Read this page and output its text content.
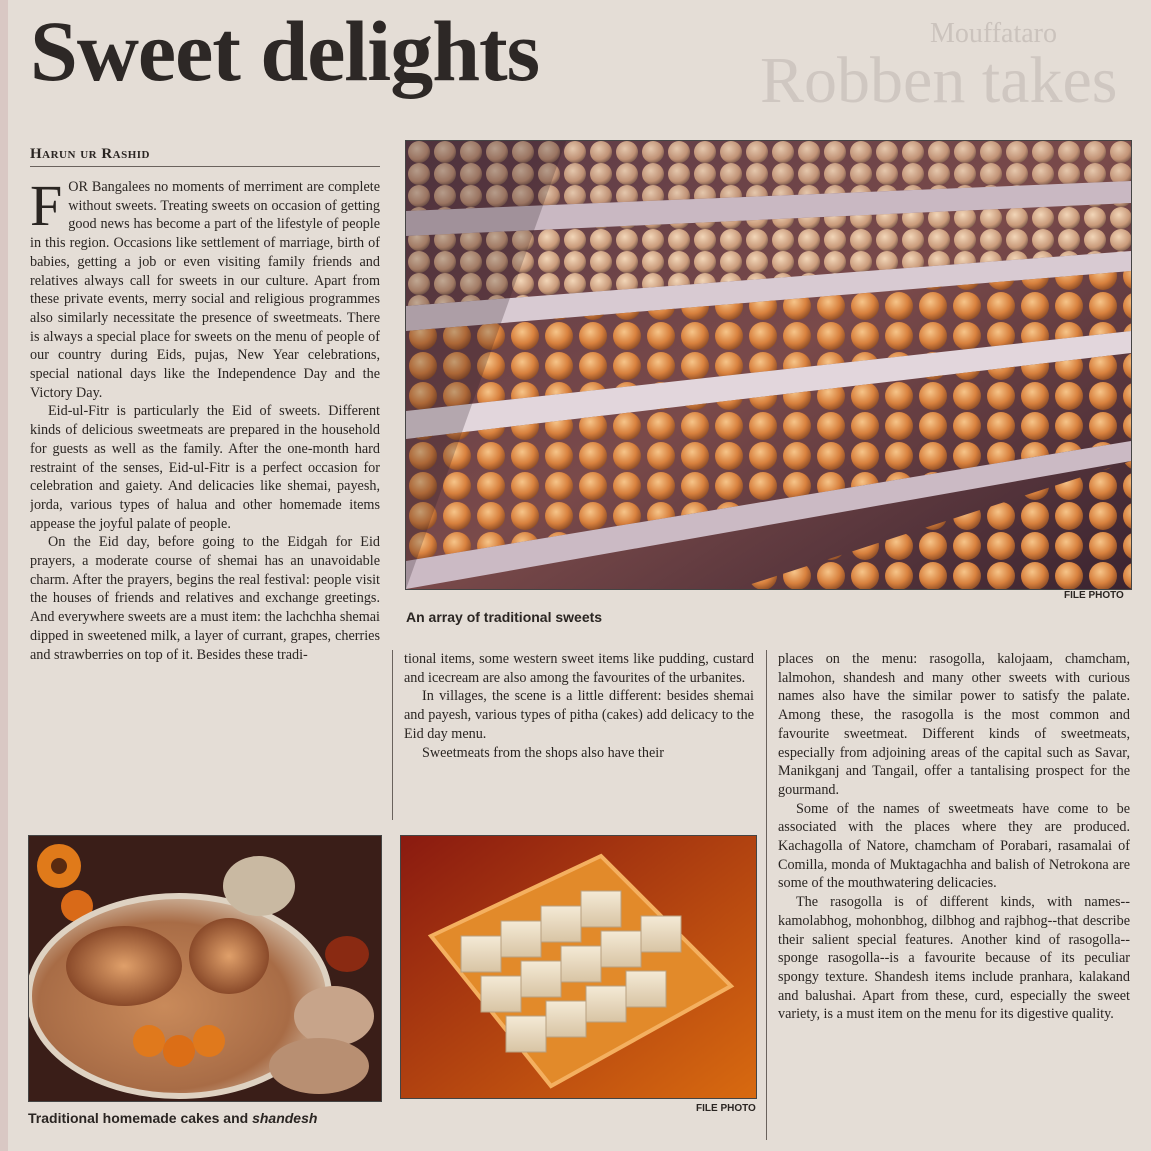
Mouffataro
Robben takes
Sweet delights
Harun ur Rashid

FOR Bangalees no moments of merriment are complete without sweets. Treating sweets on occasion of getting good news has become a part of the lifestyle of people in this region. Occasions like settlement of marriage, birth of babies, getting a job or even visiting family friends and relatives always call for sweets in our culture. Apart from these private events, merry social and religious programmes also similarly necessitate the presence of sweetmeats. There is always a special place for sweets on the menu of people of our country during Eids, pujas, New Year celebrations, special national days like the Independence Day and the Victory Day.

Eid-ul-Fitr is particularly the Eid of sweets. Different kinds of delicious sweetmeats are prepared in the household for guests as well as the family. After the one-month hard restraint of the senses, Eid-ul-Fitr is a perfect occasion for celebration and gaiety. And delicacies like shemai, payesh, jorda, various types of halua and other homemade items appease the joyful palate of people.

On the Eid day, before going to the Eidgah for Eid prayers, a moderate course of shemai has an unavoidable charm. After the prayers, begins the real festival: people visit the houses of friends and relatives and exchange greetings. And everywhere sweets are a must item: the lachchha shemai dipped in sweetened milk, a layer of currant, grapes, cherries and strawberries on top of it. Besides these tradi-

FILE PHOTO
An array of traditional sweets

tional items, some western sweet items like pudding, custard and icecream are also among the favourites of the urbanites.

In villages, the scene is a little different: besides shemai and payesh, various types of pitha (cakes) add delicacy to the Eid day menu.

Sweetmeats from the shops also have their

places on the menu: rasogolla, kalojaam, chamcham, lalmohon, shandesh and many other sweets with curious names also have the similar power to satisfy the palate. Among these, the rasogolla is the most common and favourite sweetmeat. Different kinds of sweetmeats, especially from adjoining areas of the capital such as Savar, Manikganj and Tangail, offer a tantalising prospect for the gourmand.

Some of the names of sweetmeats have come to be associated with the places where they are produced. Kachagolla of Natore, chamcham of Porabari, rasamalai of Comilla, monda of Muktagachha and balish of Netrokona are some of the mouthwatering delicacies.

The rasogolla is of different kinds, with names-- kamolabhog, mohonbhog, dilbhog and rajbhog--that describe their salient special features. Another kind of rasogolla--sponge rasogolla--is a favourite because of its peculiar spongy texture. Shandesh items include pranhara, kalakand and balushai. Apart from these, curd, especially the sweet variety, is a must item on the menu for its digestive quality.

Traditional homemade cakes and shandesh
FILE PHOTO
